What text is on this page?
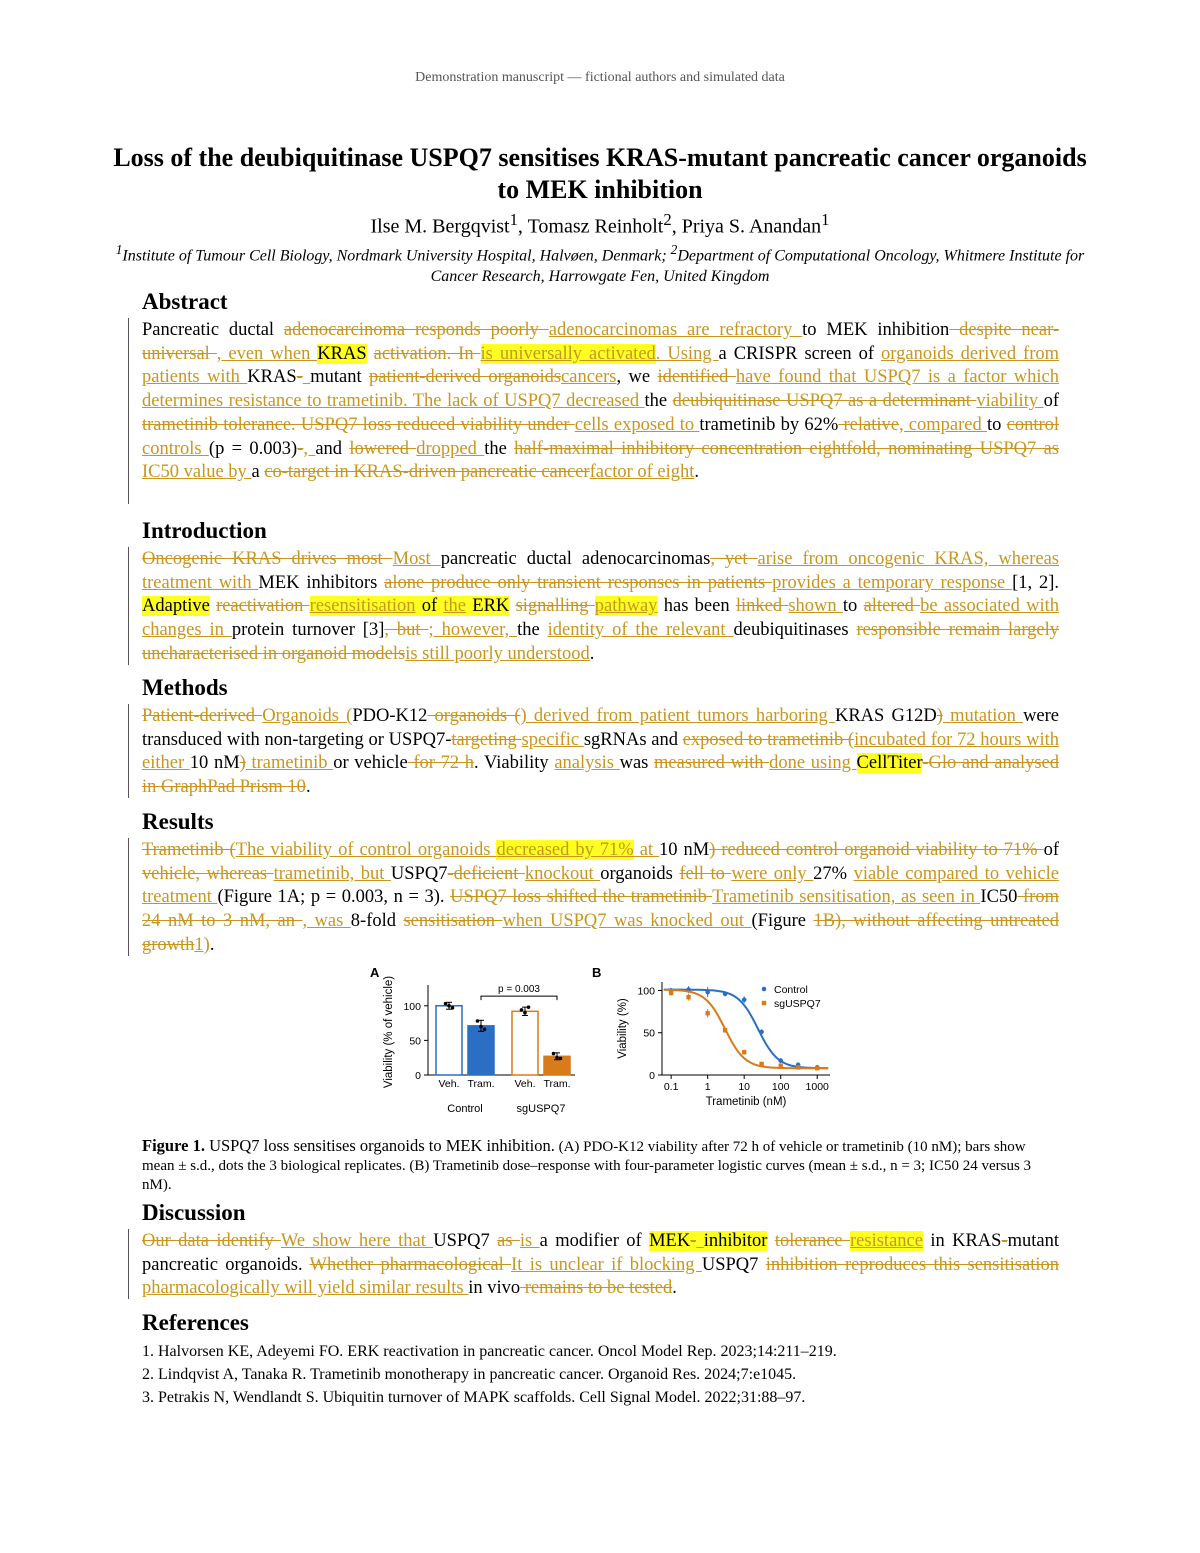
Demonstration manuscript — fictional authors and simulated data
Loss of the deubiquitinase USPQ7 sensitises KRAS-mutant pancreatic cancer organoids to MEK inhibition
Ilse M. Bergqvist$^1$, Tomasz Reinholt$^2$, Priya S. Anandan$^1$
$^1$Institute of Tumour Cell Biology, Nordmark University Hospital, Halvøen, Denmark; $^2$Department of Computational Oncology, Whitmere Institute for Cancer Research, Harrowgate Fen, United Kingdom
Abstract

Pancreatic ductal adenocarcinoma responds poorly adenocarcinomas are refractory to MEK inhibition despite near-universal , even when KRAS activation. In is universally activated. Using a CRISPR screen of organoids derived from patients with KRAS- mutant patient-derived organoidscancers, we identified have found that USPQ7 is a factor which determines resistance to trametinib. The lack of USPQ7 decreased the deubiquitinase USPQ7 as a determinant viability of trametinib tolerance. USPQ7 loss reduced viability under cells exposed to trametinib by 62% relative, compared to control controls (p = 0.003)-, and lowered dropped the half-maximal inhibitory concentration eightfold, nominating USPQ7 as IC50 value by a co-target in KRAS-driven pancreatic cancerfactor of eight.

Introduction

Oncogenic KRAS drives most Most pancreatic ductal adenocarcinomas, yet arise from oncogenic KRAS, whereas treatment with MEK inhibitors alone produce only transient responses in patients provides a temporary response [1, 2]. Adaptive reactivation resensitisation of the ERK signalling pathway has been linked shown to altered be associated with changes in protein turnover [3], but ; however, the identity of the relevant deubiquitinases responsible remain largely uncharacterised in organoid modelsis still poorly understood.

Methods

Patient-derived Organoids (PDO-K12 organoids () derived from patient tumors harboring KRAS G12D) mutation were transduced with non-targeting or USPQ7-targeting specific sgRNAs and exposed to trametinib (incubated for 72 hours with either 10 nM) trametinib or vehicle for 72 h. Viability analysis was measured with done using CellTiter-Glo and analysed in GraphPad Prism 10.

Results

Trametinib (The viability of control organoids decreased by 71% at 10 nM) reduced control organoid viability to 71% of vehicle, whereas trametinib, but USPQ7-deficient knockout organoids fell to were only 27% viable compared to vehicle treatment (Figure 1A; p = 0.003, n = 3). USPQ7 loss shifted the trametinib Trametinib sensitisation, as seen in IC50 from 24 nM to 3 nM, an , was 8-fold sensitisation when USPQ7 was knocked out (Figure 1B), without affecting untreated growth1).

A	B
0
50
100
Viability (% of vehicle)	Veh. Tram. Veh. Tram.
Control	sgUSPQ7
p = 0.003
0
50
100
0.1	1	10 100 1000
Trametinib (nM)
Viability (%)
Control
sgUSPQ7
Figure 1. USPQ7 loss sensitises organoids to MEK inhibition. (A) PDO-K12 viability after 72 h of vehicle or trametinib (10 nM); bars show mean ± s.d., dots the 3 biological replicates. (B) Trametinib dose–response with four-parameter logistic curves (mean ± s.d., n = 3; IC50 24 versus 3 nM).
Discussion

Our data identify We show here that USPQ7 as is a modifier of MEK- inhibitor tolerance resistance in KRAS-mutant pancreatic organoids. Whether pharmacological It is unclear if blocking USPQ7 inhibition reproduces this sensitisation pharmacologically will yield similar results in vivo remains to be tested.

References
1. Halvorsen KE, Adeyemi FO. ERK reactivation in pancreatic cancer. Oncol Model Rep. 2023;14:211–219.
2. Lindqvist A, Tanaka R. Trametinib monotherapy in pancreatic cancer. Organoid Res. 2024;7:e1045.
3. Petrakis N, Wendlandt S. Ubiquitin turnover of MAPK scaffolds. Cell Signal Model. 2022;31:88–97.
